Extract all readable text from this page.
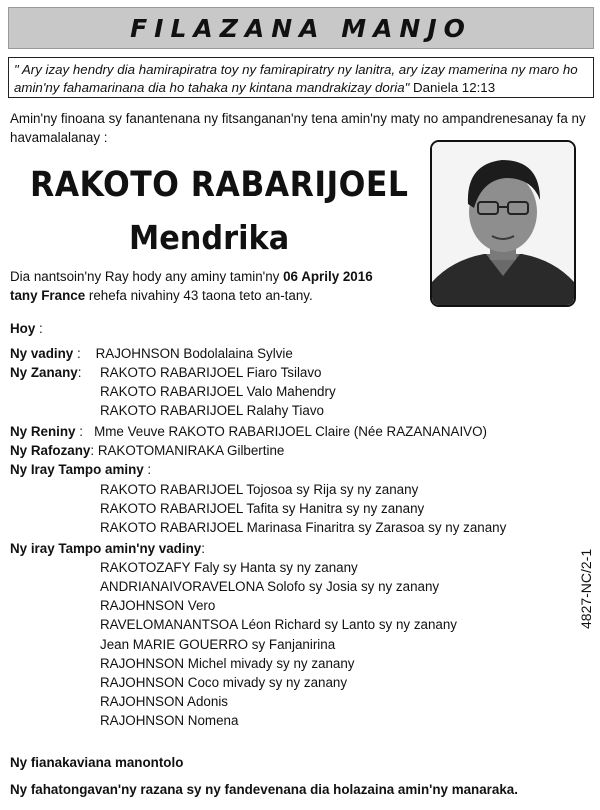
FILAZANA MANJO
" Ary izay hendry dia hamirapiratra toy ny famirapiratry ny lanitra, ary izay mamerina ny maro ho amin'ny fahamarinana dia ho tahaka ny kintana mandrakizay doria" Daniela 12:13
Amin'ny finoana sy fanantenana ny fitsanganan'ny tena amin'ny maty no ampandrenesanay fa ny havamalalanay :
RAKOTO RABARIJOEL
Mendrika
Dia nantsoin'ny Ray hody any aminy tamin'ny 06 Aprily 2016
tany France rehefa nivahiny 43 taona teto an-tany.
Hoy :
Ny vadiny :    RAJOHNSON Bodolalaina Sylvie
Ny Zanany: RAKOTO RABARIJOEL Fiaro Tsilavo
RAKOTO RABARIJOEL Valo Mahendry
RAKOTO RABARIJOEL Ralahy Tiavo
Ny Reniny :   Mme Veuve RAKOTO RABARIJOEL Claire (Née RAZANANAIVO)
Ny Rafozany: RAKOTOMANIRAKA Gilbertine
Ny Iray Tampo aminy :
RAKOTO RABARIJOEL Tojosoa sy Rija sy ny zanany
RAKOTO RABARIJOEL Tafita sy Hanitra sy ny zanany
RAKOTO RABARIJOEL Marinasa Finaritra sy Zarasoa sy ny zanany
Ny iray Tampo amin'ny vadiny:
RAKOTOZAFY Faly sy Hanta sy ny zanany
ANDRIANAIVORAVELONA Solofo sy Josia sy ny zanany
RAJOHNSON Vero
RAVELOMANANTSOA Léon Richard sy Lanto sy ny zanany
Jean MARIE GOUERRO sy Fanjanirina
RAJOHNSON Michel mivady sy ny zanany
RAJOHNSON Coco mivady sy ny zanany
RAJOHNSON Adonis
RAJOHNSON Nomena
Ny fianakaviana manontolo
Ny fahatongavan'ny razana sy ny fandevenana dia holazaina amin'ny manaraka.
4827-NC/2-1
